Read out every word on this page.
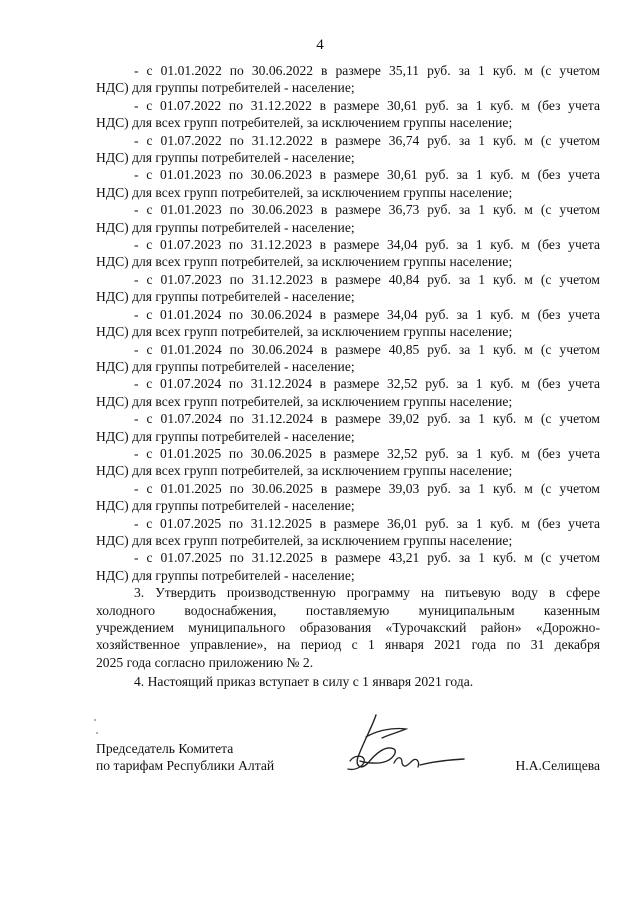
4
- с 01.01.2022 по 30.06.2022 в размере 35,11 руб. за 1 куб. м (с учетом
НДС) для группы потребителей - население;
- с 01.07.2022 по 31.12.2022 в размере 30,61 руб. за 1 куб. м (без учета
НДС) для всех групп потребителей, за исключением группы население;
- с 01.07.2022 по 31.12.2022 в размере 36,74 руб. за 1 куб. м (с учетом
НДС) для группы потребителей - население;
- с 01.01.2023 по 30.06.2023 в размере 30,61 руб. за 1 куб. м (без учета
НДС) для всех групп потребителей, за исключением группы население;
- с 01.01.2023 по 30.06.2023 в размере 36,73 руб. за 1 куб. м (с учетом
НДС) для группы потребителей - население;
- с 01.07.2023 по 31.12.2023 в размере 34,04 руб. за 1 куб. м (без учета
НДС) для всех групп потребителей, за исключением группы население;
- с 01.07.2023 по 31.12.2023 в размере 40,84 руб. за 1 куб. м (с учетом
НДС) для группы потребителей - население;
- с 01.01.2024 по 30.06.2024 в размере 34,04 руб. за 1 куб. м (без учета
НДС) для всех групп потребителей, за исключением группы население;
- с 01.01.2024 по 30.06.2024 в размере 40,85 руб. за 1 куб. м (с учетом
НДС) для группы потребителей - население;
- с 01.07.2024 по 31.12.2024 в размере 32,52 руб. за 1 куб. м (без учета
НДС) для всех групп потребителей, за исключением группы население;
- с 01.07.2024 по 31.12.2024 в размере 39,02 руб. за 1 куб. м (с учетом
НДС) для группы потребителей - население;
- с 01.01.2025 по 30.06.2025 в размере 32,52 руб. за 1 куб. м (без учета
НДС) для всех групп потребителей, за исключением группы население;
- с 01.01.2025 по 30.06.2025 в размере 39,03 руб. за 1 куб. м (с учетом
НДС) для группы потребителей - население;
- с 01.07.2025 по 31.12.2025 в размере 36,01 руб. за 1 куб. м (без учета
НДС) для всех групп потребителей, за исключением группы население;
- с 01.07.2025 по 31.12.2025 в размере 43,21 руб. за 1 куб. м (с учетом
НДС) для группы потребителей - население;
3. Утвердить производственную программу на питьевую воду в сфере
холодного водоснабжения, поставляемую муниципальным казенным
учреждением муниципального образования «Турочакский район» «Дорожно-
хозяйственное управление», на период с 1 января 2021 года по 31 декабря
2025 года согласно приложению № 2.
4. Настоящий приказ вступает в силу с 1 января 2021 года.
Председатель Комитета
по тарифам Республики Алтай	Н.А.Селищева
